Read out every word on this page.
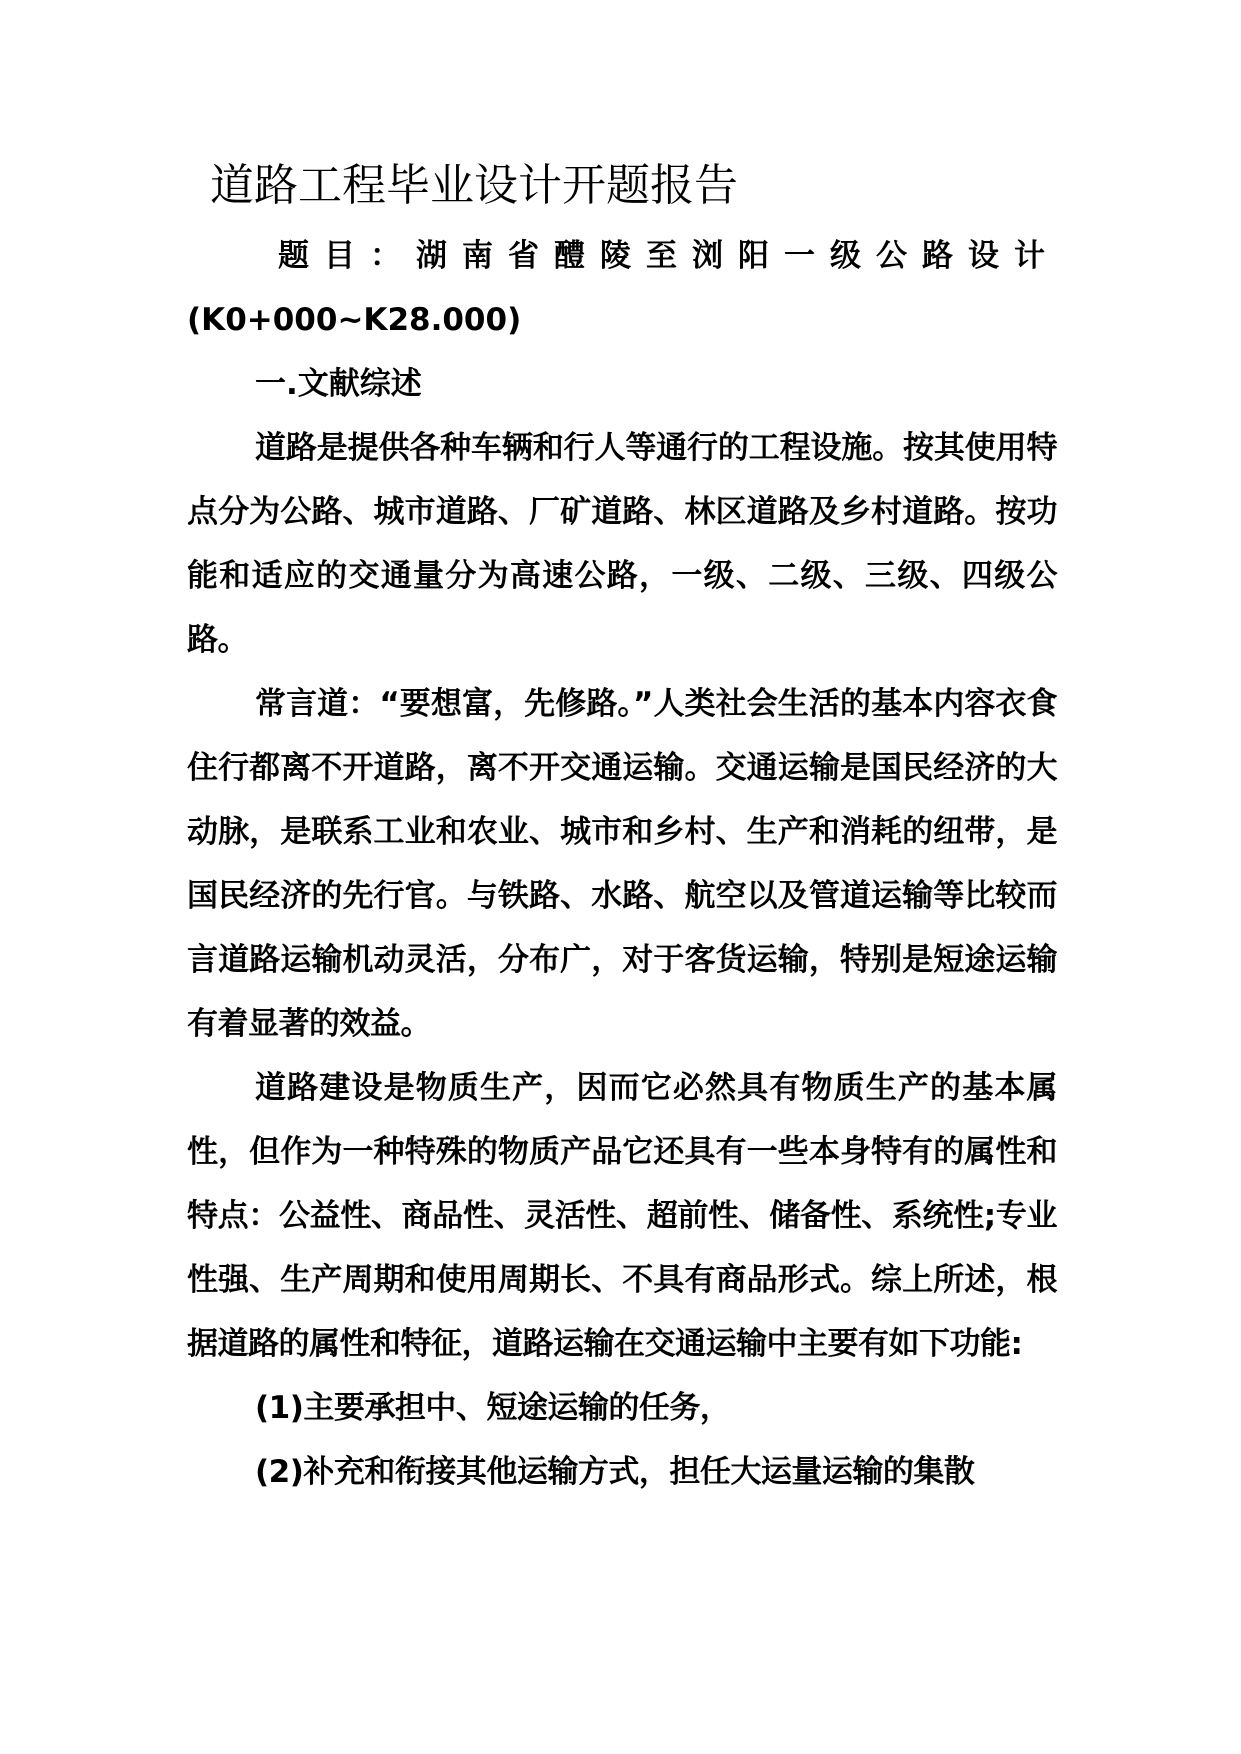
道路工程毕业设计开题报告

题目：湖南省醴陵至浏阳一级公路设计 (K0+000~K28.000)

一.文献综述

道路是提供各种车辆和行人等通行的工程设施。按其使用特点分为公路、城市道路、厂矿道路、林区道路及乡村道路。按功能和适应的交通量分为高速公路，一级、二级、三级、四级公路。

常言道：“要想富，先修路。”人类社会生活的基本内容衣食住行都离不开道路，离不开交通运输。交通运输是国民经济的大动脉，是联系工业和农业、城市和乡村、生产和消耗的纽带，是国民经济的先行官。与铁路、水路、航空以及管道运输等比较而言道路运输机动灵活，分布广，对于客货运输，特别是短途运输有着显著的效益。

道路建设是物质生产，因而它必然具有物质生产的基本属性，但作为一种特殊的物质产品它还具有一些本身特有的属性和特点：公益性、商品性、灵活性、超前性、储备性、系统性;专业性强、生产周期和使用周期长、不具有商品形式。综上所述，根据道路的属性和特征，道路运输在交通运输中主要有如下功能:

(1)主要承担中、短途运输的任务，

(2)补充和衔接其他运输方式，担任大运量运输的集散
